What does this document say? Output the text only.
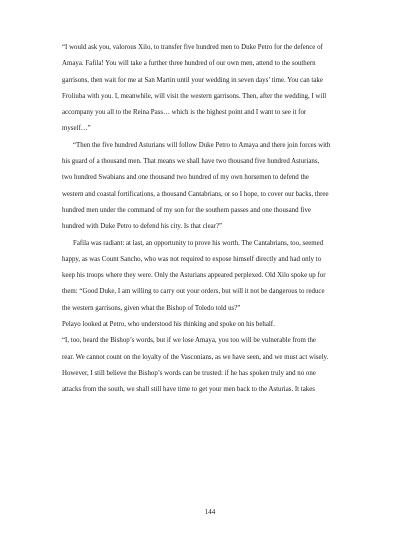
“I would ask you, valorous Xilo, to transfer five hundred men to Duke Petro for the defence of
Amaya. Fafila! You will take a further three hundred of our own men, attend to the southern
garrisons, then wait for me at San Martin until your wedding in seven days’ time. You can take
Froliuba with you. I, meanwhile, will visit the western garrisons. Then, after the wedding, I will
accompany you all to the Reina Pass… which is the highest point and I want to see it for
myself…”

“Then the five hundred Asturians will follow Duke Petro to Amaya and there join forces with
his guard of a thousand men. That means we shall have two thousand five hundred Asturians,
two hundred Swabians and one thousand two hundred of my own horsemen to defend the
western and coastal fortifications, a thousand Cantabrians, or so I hope, to cover our backs, three
hundred men under the command of my son for the southern passes and one thousand five
hundred with Duke Petro to defend his city. Is that clear?”

Fafila was radiant: at last, an opportunity to prove his worth. The Cantabrians, too, seemed
happy, as was Count Sancho, who was not required to expose himself directly and had only to
keep his troops where they were. Only the Asturians appeared perplexed. Old Xilo spoke up for
them: “Good Duke, I am willing to carry out your orders, but will it not be dangerous to reduce
the western garrisons, given what the Bishop of Toledo told us?”

Pelayo looked at Petro, who understood his thinking and spoke on his behalf.

“I, too, heard the Bishop’s words, but if we lose Amaya, you too will be vulnerable from the
rear. We cannot count on the loyalty of the Vasconians, as we have seen, and we must act wisely.
However, I still believe the Bishop’s words can be trusted: if he has spoken truly and no one
attacks from the south, we shall still have time to get your men back to the Asturias. It takes

144
